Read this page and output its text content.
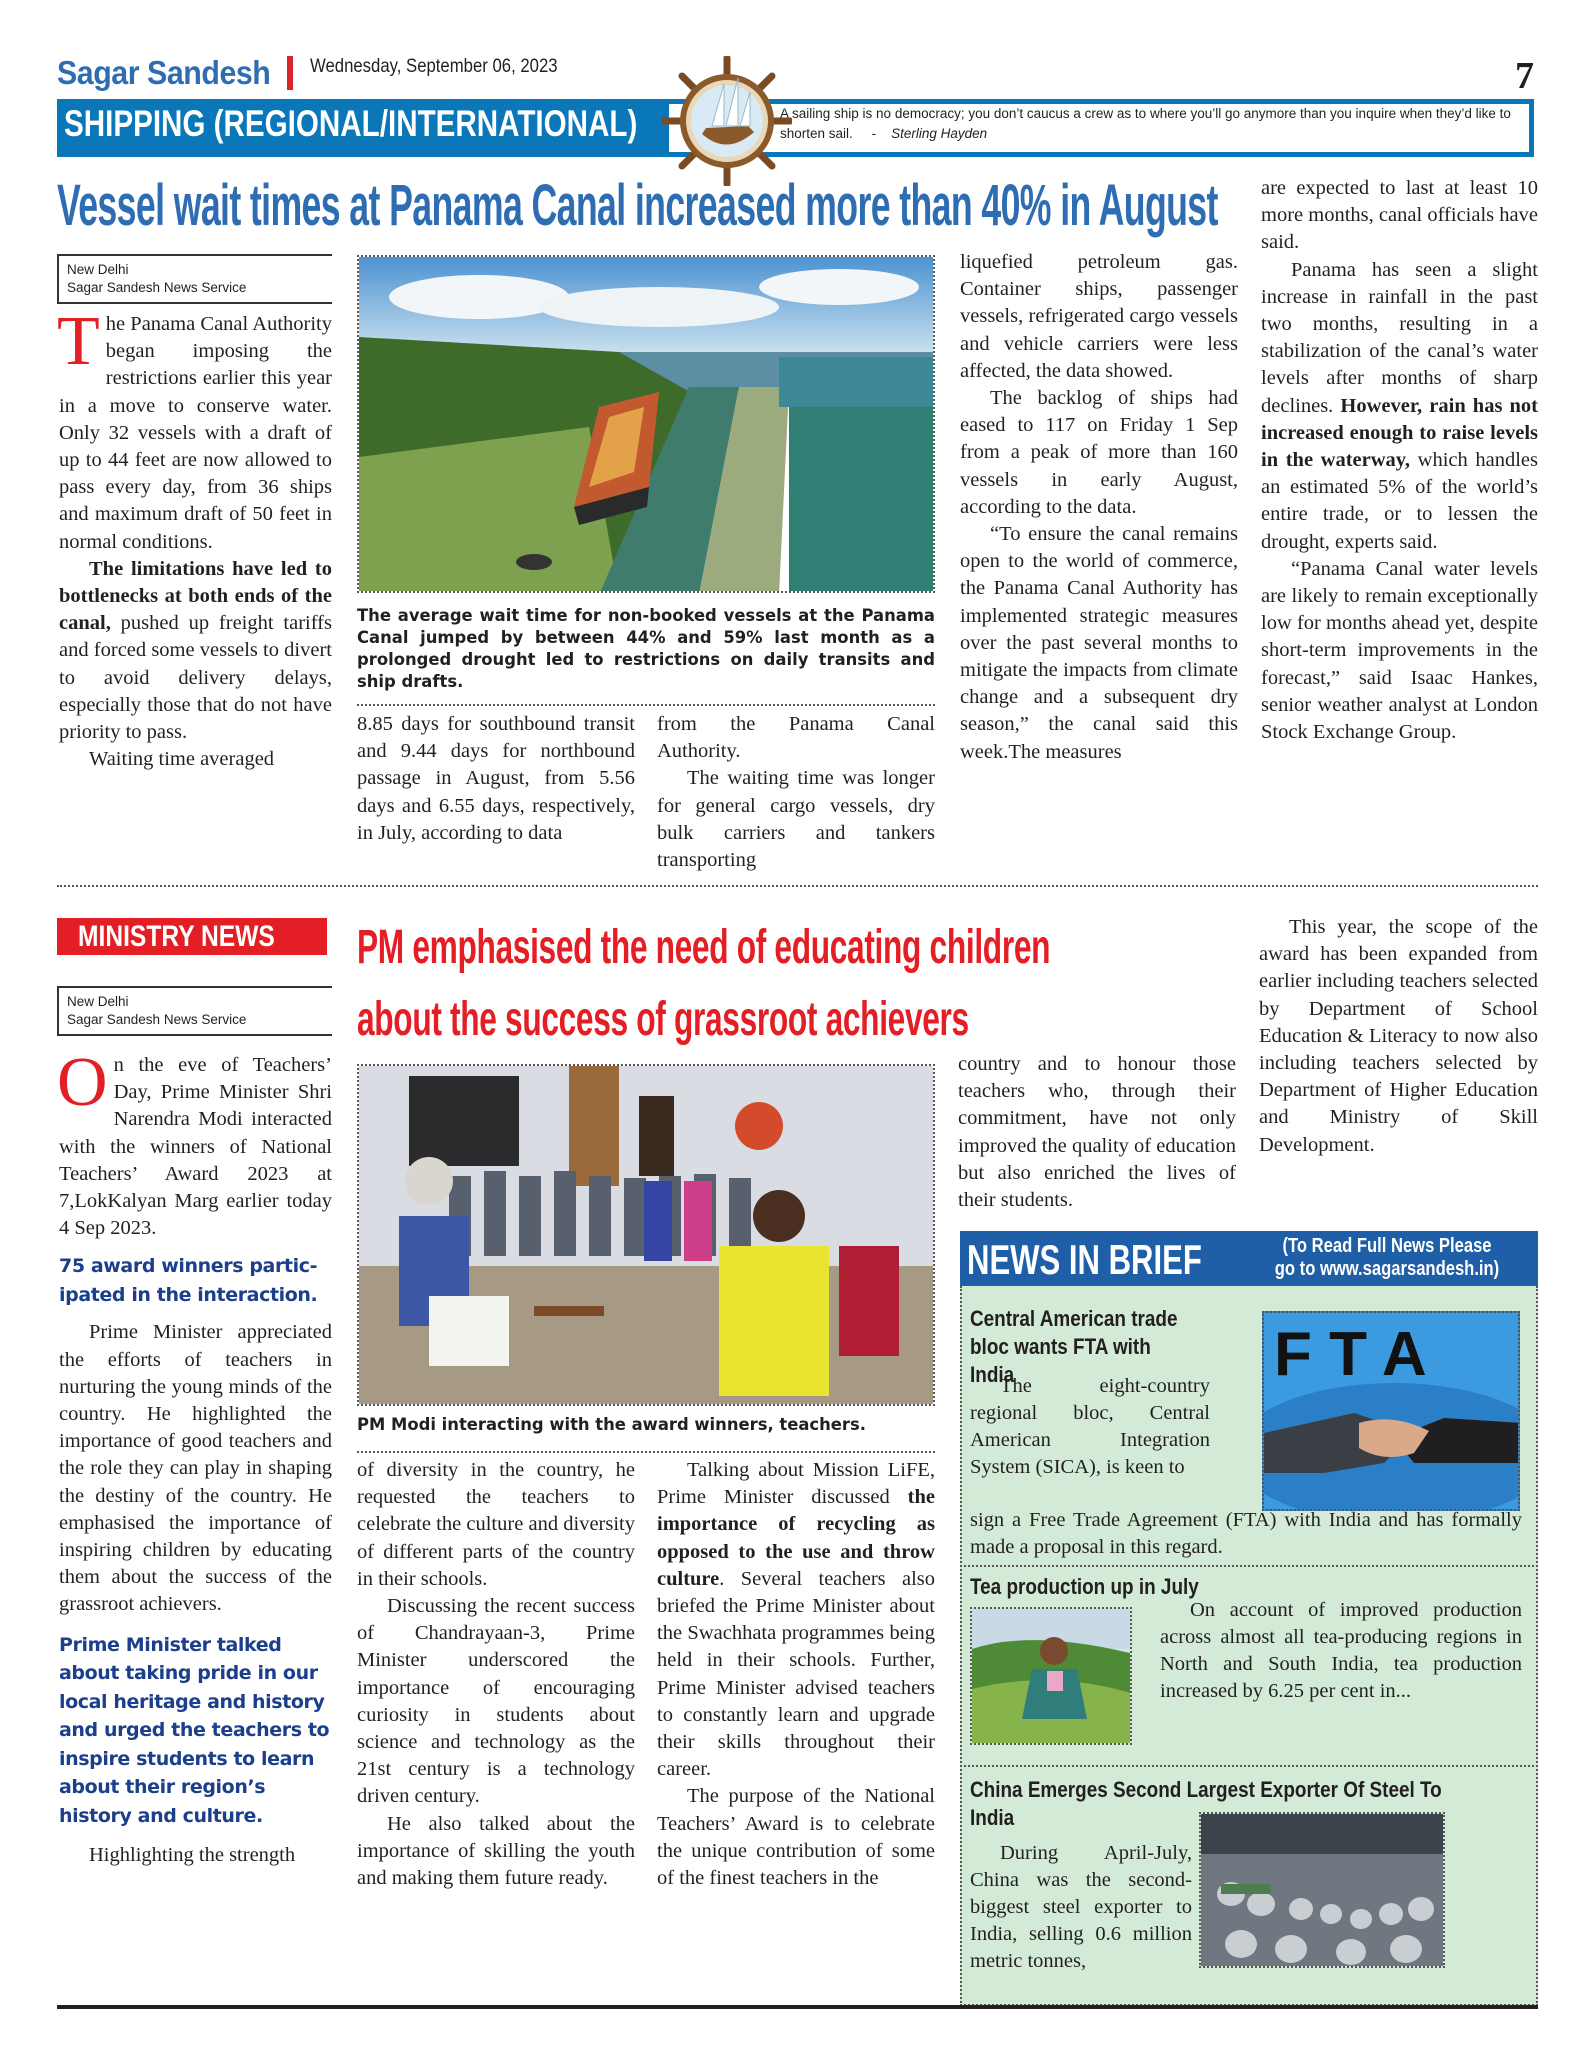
Sagar Sandesh Wednesday, September 06, 2023	7
SHIPPING (REGIONAL/INTERNATIONAL)	A sailing ship is no democracy; you don’t caucus a crew as to where you’ll go anymore than you inquire when they’d like to shorten sail. - Sterling Hayden
Vessel wait times at Panama Canal increased more than 40% in August
New Delhi
Sagar Sandesh News Service

The Panama Canal Authority began imposing the restrictions earlier this year in a move to conserve water. Only 32 vessels with a draft of up to 44 feet are now allowed to pass every day, from 36 ships and maximum draft of 50 feet in normal conditions.

The limitations have led to bottlenecks at both ends of the canal, pushed up freight tariffs and forced some vessels to divert to avoid delivery delays, especially those that do not have priority to pass.

Waiting time averaged

The average wait time for non-booked vessels at the Panama Canal jumped by between 44% and 59% last month as a prolonged drought led to restrictions on daily transits and ship drafts.

8.85 days for southbound transit and 9.44 days for northbound passage in August, from 5.56 days and 6.55 days, respectively, in July, according to data

from the Panama Canal Authority.

The waiting time was longer for general cargo vessels, dry bulk carriers and tankers transporting

liquefied petroleum gas. Container ships, passenger vessels, refrigerated cargo vessels and vehicle carriers were less affected, the data showed.

The backlog of ships had eased to 117 on Friday 1 Sep from a peak of more than 160 vessels in early August, according to the data.

“To ensure the canal remains open to the world of commerce, the Panama Canal Authority has implemented strategic measures over the past several months to mitigate the impacts from climate change and a subsequent dry season,” the canal said this week.The measures

are expected to last at least 10 more months, canal officials have said.

Panama has seen a slight increase in rainfall in the past two months, resulting in a stabilization of the canal’s water levels after months of sharp declines. However, rain has not increased enough to raise levels in the waterway, which handles an estimated 5% of the world’s entire trade, or to lessen the drought, experts said.

“Panama Canal water levels are likely to remain exceptionally low for months ahead yet, despite short-term improvements in the forecast,” said Isaac Hankes, senior weather analyst at London Stock Exchange Group.

MINISTRY NEWS PM emphasised the need of educating children
about the success of grassroot achievers
New Delhi
Sagar Sandesh News Service

On the eve of Teachers’ Day, Prime Minister Shri Narendra Modi interacted with the winners of National Teachers’ Award 2023 at 7,LokKalyan Marg earlier today 4 Sep 2023.

75 award winners partic-ipated in the interaction.

Prime Minister appreciated the efforts of teachers in nurturing the young minds of the country. He highlighted the importance of good teachers and the role they can play in shaping the destiny of the country. He emphasised the importance of inspiring children by educating them about the success of the grassroot achievers.

Prime Minister talked about taking pride in our local heritage and history and urged the teachers to inspire students to learn about their region’s history and culture.

Highlighting the strength

PM Modi interacting with the award winners, teachers.

of diversity in the country, he requested the teachers to celebrate the culture and diversity of different parts of the country in their schools.

Discussing the recent success of Chandrayaan-3, Prime Minister underscored the importance of encouraging curiosity in students about science and technology as the 21st century is a technology driven century.

He also talked about the importance of skilling the youth and making them future ready.

Talking about Mission LiFE, Prime Minister discussed the importance of recycling as opposed to the use and throw culture. Several teachers also briefed the Prime Minister about the Swachhata programmes being held in their schools. Further, Prime Minister advised teachers to constantly learn and upgrade their skills throughout their career.

The purpose of the National Teachers’ Award is to celebrate the unique contribution of some of the finest teachers in the

country and to honour those teachers who, through their commitment, have not only improved the quality of education but also enriched the lives of their students.

This year, the scope of the award has been expanded from earlier including teachers selected by Department of School Education & Literacy to now also including teachers selected by Department of Higher Education and Ministry of Skill Development.

NEWS IN BRIEF	(To Read Full News Please go to www.sagarsandesh.in)
Central American trade bloc wants FTA with India

The eight-country regional bloc, Central American Integration System (SICA), is keen to

F T A
sign a Free Trade Agreement (FTA) with India and has formally made a proposal in this regard.
Tea production up in July

On account of improved production across almost all tea-producing regions in North and South India, tea production increased by 6.25 per cent in...

China Emerges Second Largest Exporter Of Steel To India

During April-July, China was the second-biggest steel exporter to India, selling 0.6 million metric tonnes,
